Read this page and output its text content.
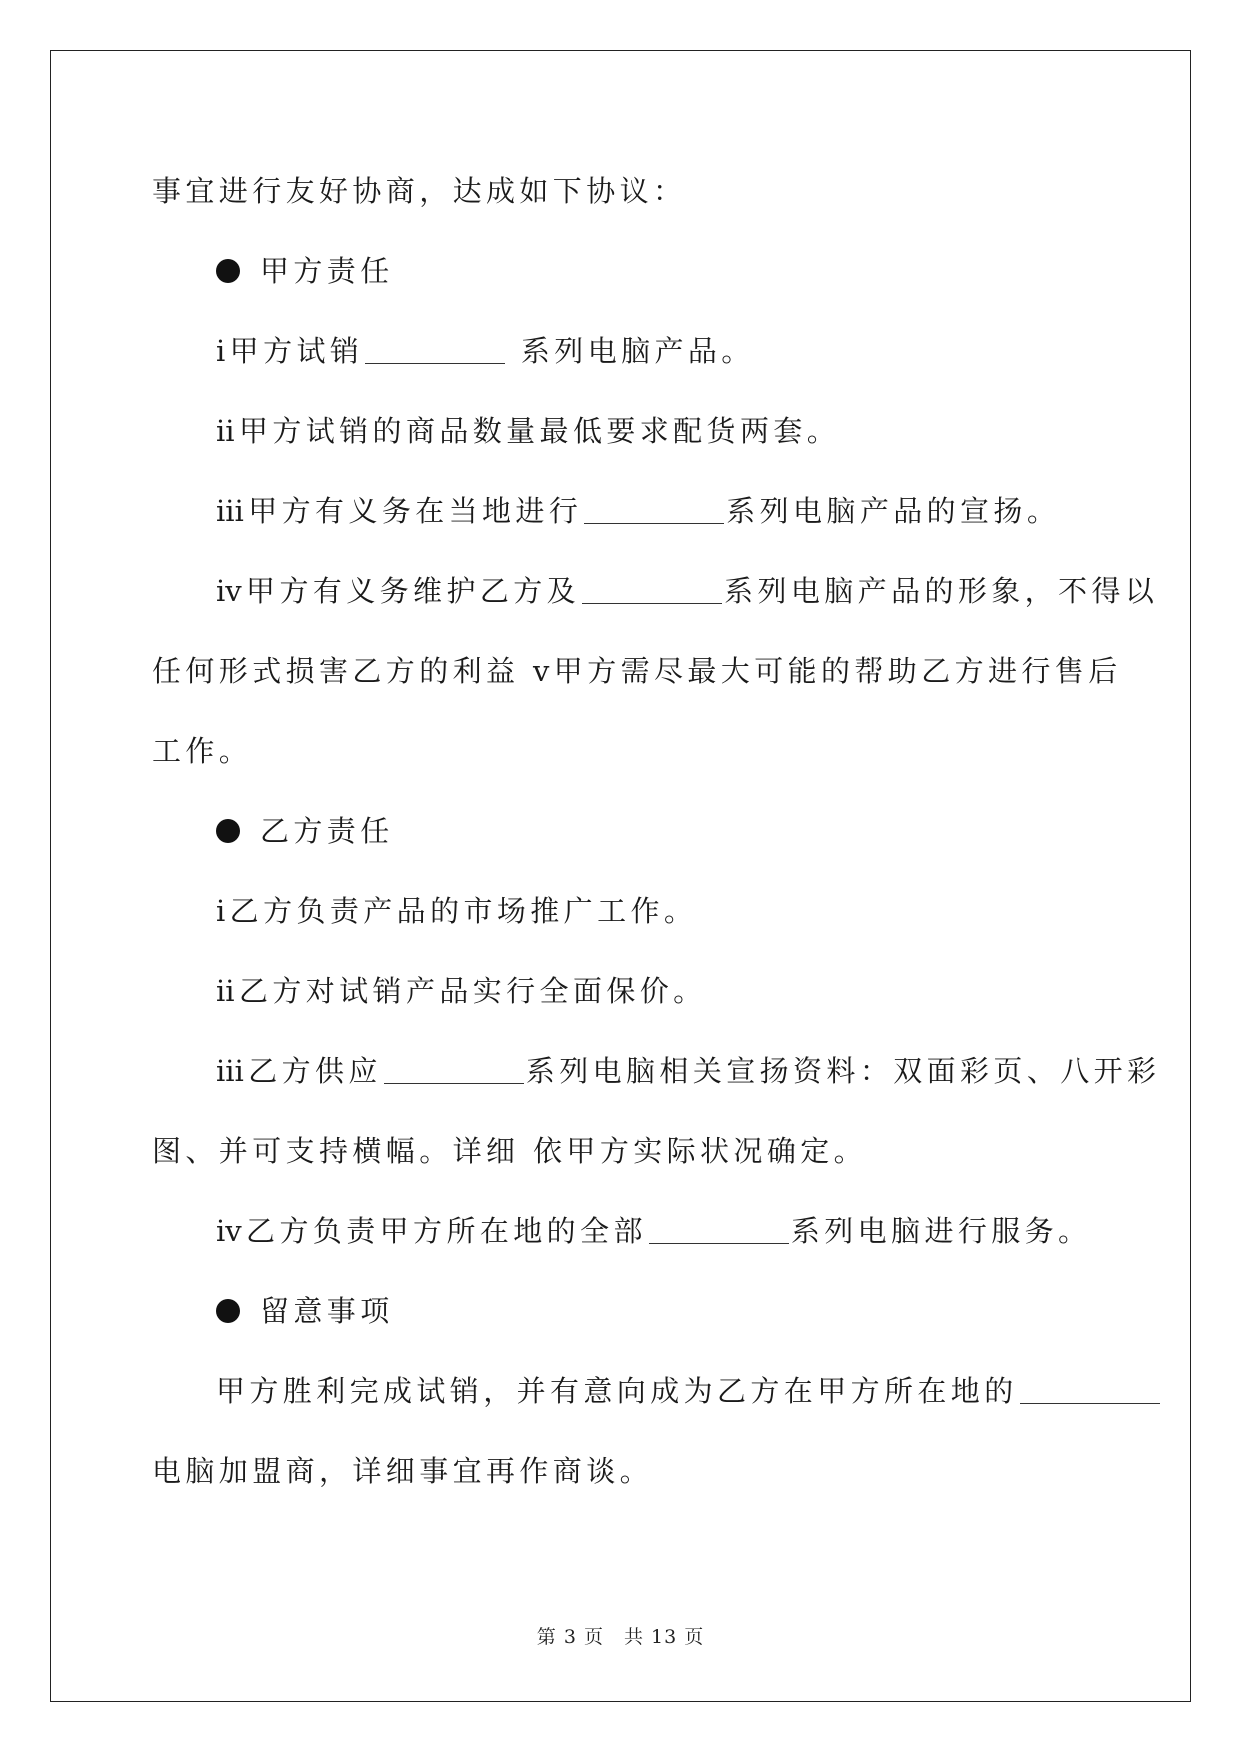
事宜进行友好协商，达成如下协议：
甲方责任
ⅰ甲方试销	系列电脑产品。
ⅱ甲方试销的商品数量最低要求配货两套。
ⅲ甲方有义务在当地进行	系列电脑产品的宣扬。
ⅳ甲方有义务维护乙方及	系列电脑产品的形象，不得以
任何形式损害乙方的利益 ⅴ甲方需尽最大可能的帮助乙方进行售后
工作。
乙方责任
ⅰ乙方负责产品的市场推广工作。
ⅱ乙方对试销产品实行全面保价。
ⅲ乙方供应	系列电脑相关宣扬资料：双面彩页、八开彩
图、并可支持横幅。详细 依甲方实际状况确定。
ⅳ乙方负责甲方所在地的全部	系列电脑进行服务。
留意事项
甲方胜利完成试销，并有意向成为乙方在甲方所在地的
电脑加盟商，详细事宜再作商谈。
第 3 页　共 13 页
